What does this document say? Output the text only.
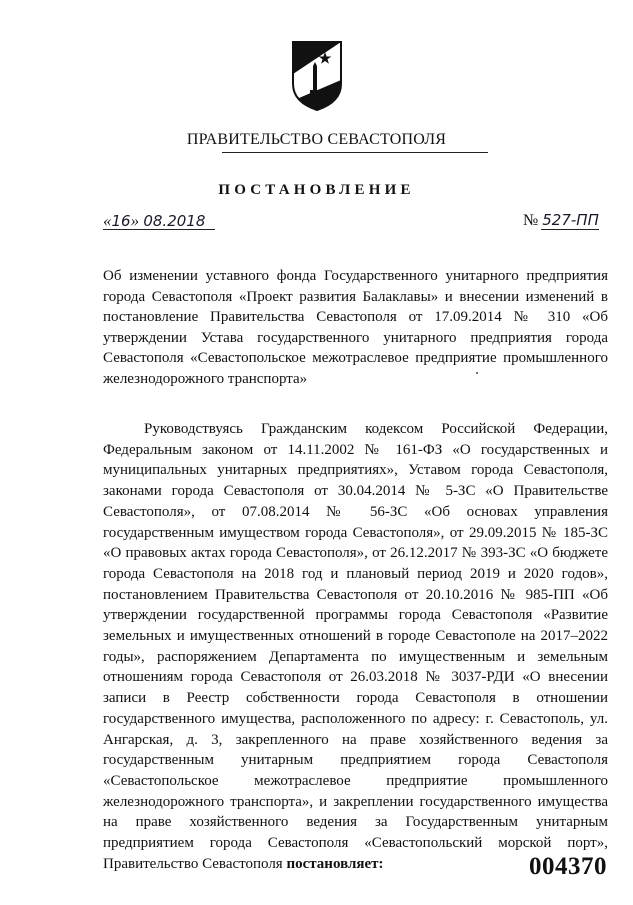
ПРАВИТЕЛЬСТВО СЕВАСТОПОЛЯ
ПОСТАНОВЛЕНИЕ
«16» 08.2018	№ 527-ПП
Об изменении уставного фонда Государственного унитарного предприятия города Севастополя «Проект развития Балаклавы» и внесении изменений в постановление Правительства Севастополя от 17.09.2014 № 310 «Об утверждении Устава государственного унитарного предприятия города Севастополя «Севастопольское межотраслевое предприятие промышленного железнодорожного транспорта»
Руководствуясь Гражданским кодексом Российской Федерации, Федеральным законом от 14.11.2002 № 161-ФЗ «О государственных и муниципальных унитарных предприятиях», Уставом города Севастополя, законами города Севастополя от 30.04.2014 № 5-ЗС «О Правительстве Севастополя», от 07.08.2014 № 56-ЗС «Об основах управления государственным имуществом города Севастополя», от 29.09.2015 № 185-ЗС «О правовых актах города Севастополя», от 26.12.2017 № 393-ЗС «О бюджете города Севастополя на 2018 год и плановый период 2019 и 2020 годов», постановлением Правительства Севастополя от 20.10.2016 № 985-ПП «Об утверждении государственной программы города Севастополя «Развитие земельных и имущественных отношений в городе Севастополе на 2017–2022 годы», распоряжением Департамента по имущественным и земельным отношениям города Севастополя от 26.03.2018 № 3037-РДИ «О внесении записи в Реестр собственности города Севастополя в отношении государственного имущества, расположенного по адресу: г. Севастополь, ул. Ангарская, д. 3, закрепленного на праве хозяйственного ведения за государственным унитарным предприятием города Севастополя «Севастопольское межотраслевое предприятие промышленного железнодорожного транспорта», и закреплении государственного имущества на праве хозяйственного ведения за Государственным унитарным предприятием города Севастополя «Севастопольский морской порт», Правительство Севастополя постановляет:	004370
